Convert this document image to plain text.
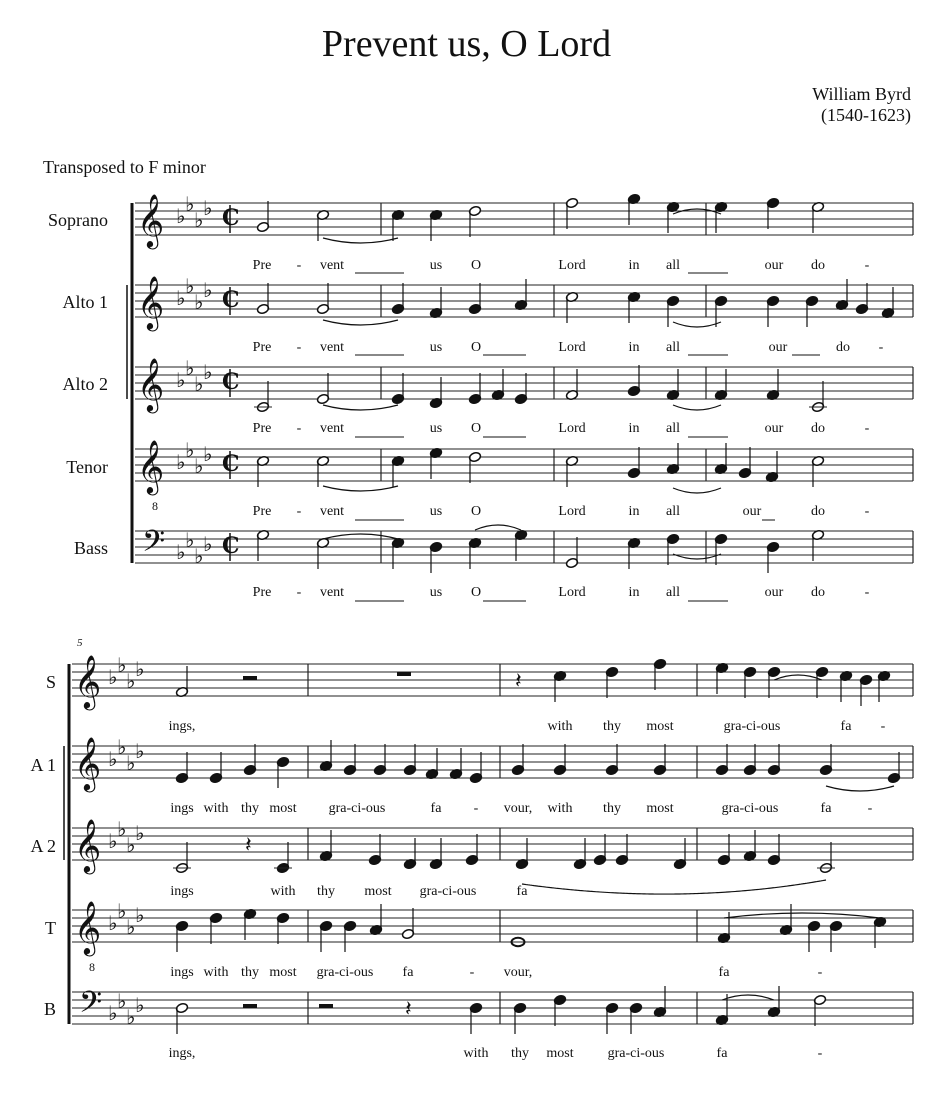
Prevent us, O Lord
William Byrd
(1540-1623)
Transposed to F minor
Soprano
Alto 1
Alto 2
Tenor
Bass
S
A 1
A 2
T
B
5
𝄞 ♭ ♭
♭ ♭ C
𝄞 ♭ ♭
♭ ♭ C
𝄞 ♭ ♭
♭ ♭ C
𝄞 ♭ ♭
♭ ♭ C
𝄢 ♭ ♭
♭ ♭ C
8
𝄞 ♭ ♭
♭ ♭
𝄞 ♭ ♭
♭ ♭
𝄞 ♭ ♭
♭ ♭
𝄞 ♭ ♭
♭ ♭
𝄢 ♭ ♭
♭ ♭
8
𝄽
𝄽
𝄽
Pre - vent	us O	Lord	in all	our do	-
Pre - vent	us O	Lord	in all	our	do -
Pre - vent	us O	Lord	in all	our do	-
Pre - vent	us O	Lord	in all	our	do	-
Pre - vent	us O	Lord	in all	our do	-
ings,	with thy most	gra-ci-ous	fa -
ings with thy most gra-ci-ous	fa - vour, with thy most	gra-ci-ous	fa	-
ings	with thy most gra-ci-ous	fa
ings with thy most gra-ci-ous fa	- vour,	fa	-
ings,	with thy most gra-ci-ous	fa	-
